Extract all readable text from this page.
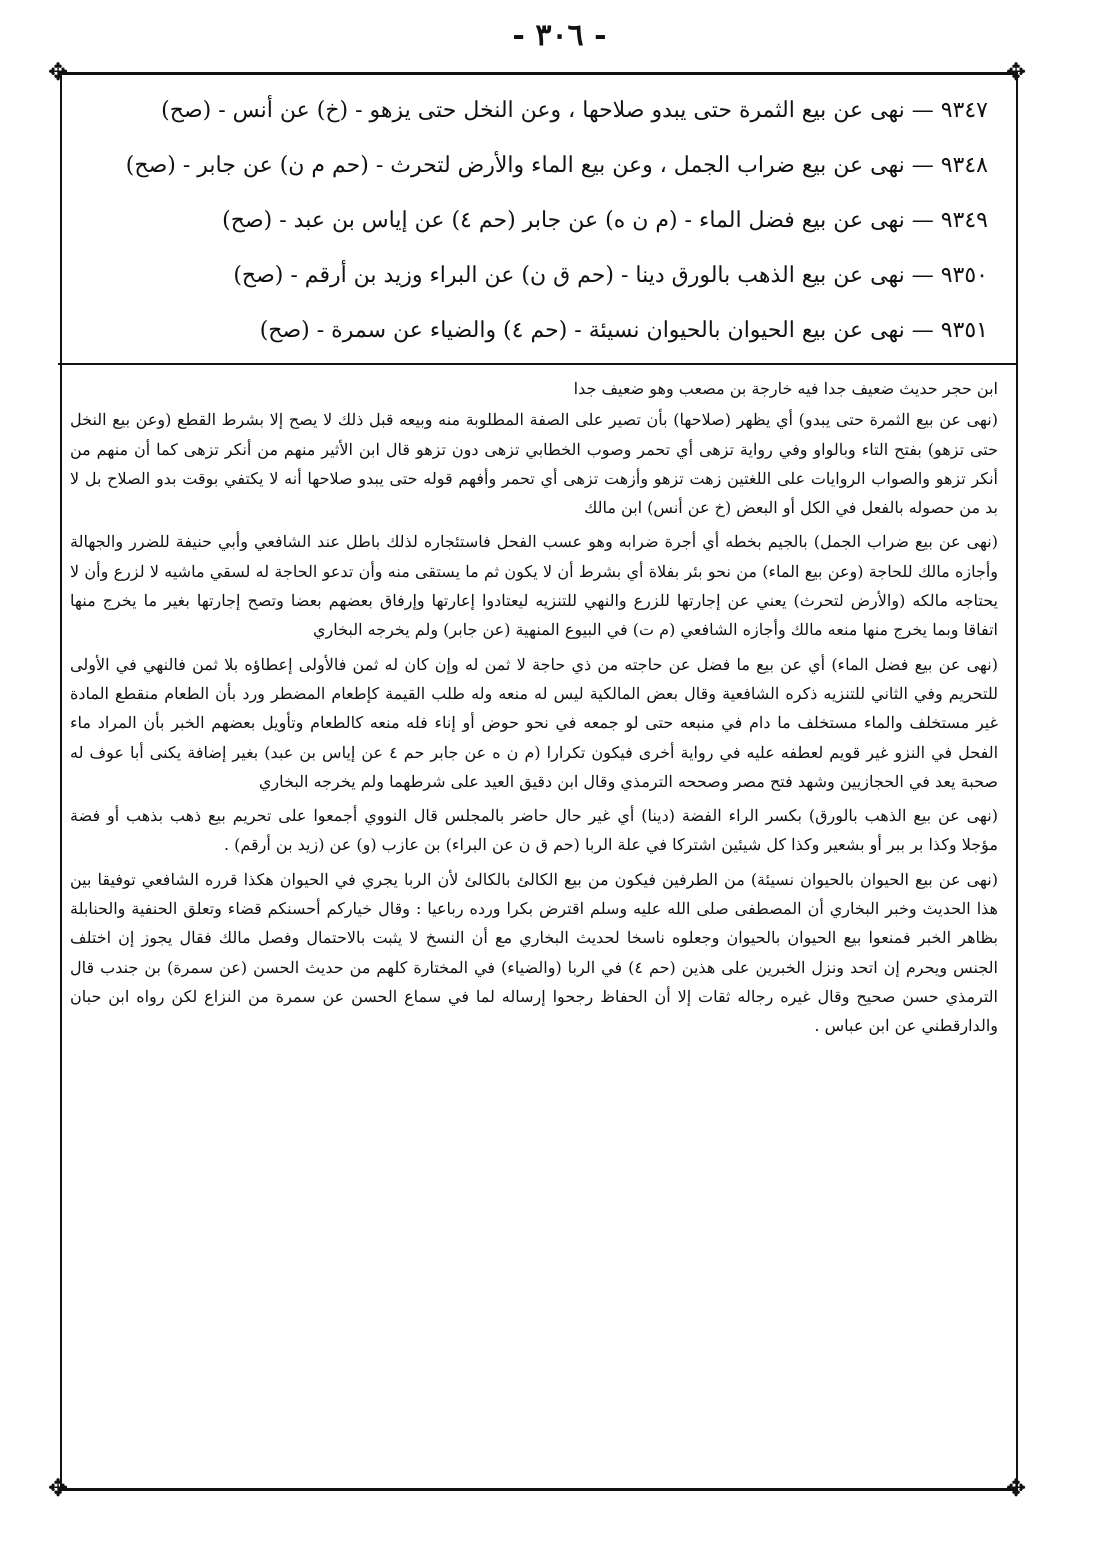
- ٣٠٦ -
✥	✥
✥	✥
٩٣٤٧ — نهى عن بيع الثمرة حتى يبدو صلاحها ، وعن النخل حتى يزهو - (خ) عن أنس - (صح)
٩٣٤٨ — نهى عن بيع ضراب الجمل ، وعن بيع الماء والأرض لتحرث - (حم م ن) عن جابر - (صح)
٩٣٤٩ — نهى عن بيع فضل الماء - (م ن ه) عن جابر (حم ٤) عن إياس بن عبد - (صح)
٩٣٥٠ — نهى عن بيع الذهب بالورق دينا - (حم ق ن) عن البراء وزيد بن أرقم - (صح)
٩٣٥١ — نهى عن بيع الحيوان بالحيوان نسيئة - (حم ٤) والضياء عن سمرة - (صح)

ابن حجر حديث ضعيف جدا فيه خارجة بن مصعب وهو ضعيف جدا

(نهى عن بيع الثمرة حتى يبدو) أي يظهر (صلاحها) بأن تصير على الصفة المطلوبة منه وبيعه قبل ذلك لا يصح إلا بشرط القطع (وعن بيع النخل حتى تزهو) بفتح التاء وبالواو وفي رواية تزهى أي تحمر وصوب الخطابي تزهى دون تزهو قال ابن الأثير منهم من أنكر تزهى كما أن منهم من أنكر تزهو والصواب الروايات على اللغتين زهت تزهو وأزهت تزهى أي تحمر وأفهم قوله حتى يبدو صلاحها أنه لا يكتفي بوقت بدو الصلاح بل لا بد من حصوله بالفعل في الكل أو البعض (خ عن أنس) ابن مالك

(نهى عن بيع ضراب الجمل) بالجيم بخطه أي أجرة ضرابه وهو عسب الفحل فاستئجاره لذلك باطل عند الشافعي وأبي حنيفة للضرر والجهالة وأجازه مالك للحاجة (وعن بيع الماء) من نحو بئر بفلاة أي بشرط أن لا يكون ثم ما يستقى منه وأن تدعو الحاجة له لسقي ماشيه لا لزرع وأن لا يحتاجه مالكه (والأرض لتحرث) يعني عن إجارتها للزرع والنهي للتنزيه ليعتادوا إعارتها وإرفاق بعضهم بعضا وتصح إجارتها بغير ما يخرج منها اتفاقا وبما يخرج منها منعه مالك وأجازه الشافعي (م ت) في البيوع المنهية (عن جابر) ولم يخرجه البخاري

(نهى عن بيع فضل الماء) أي عن بيع ما فضل عن حاجته من ذي حاجة لا ثمن له وإن كان له ثمن فالأولى إعطاؤه بلا ثمن فالنهي في الأولى للتحريم وفي الثاني للتنزيه ذكره الشافعية وقال بعض المالكية ليس له منعه وله طلب القيمة كإطعام المضطر ورد بأن الطعام منقطع المادة غير مستخلف والماء مستخلف ما دام في منبعه حتى لو جمعه في نحو حوض أو إناء فله منعه كالطعام وتأويل بعضهم الخبر بأن المراد ماء الفحل في النزو غير قويم لعطفه عليه في رواية أخرى فيكون تكرارا (م ن ه عن جابر حم ٤ عن إياس بن عبد) بغير إضافة يكنى أبا عوف له صحبة يعد في الحجازيين وشهد فتح مصر وصححه الترمذي وقال ابن دقيق العيد على شرطهما ولم يخرجه البخاري

(نهى عن بيع الذهب بالورق) بكسر الراء الفضة (دينا) أي غير حال حاضر بالمجلس قال النووي أجمعوا على تحريم بيع ذهب بذهب أو فضة مؤجلا وكذا بر ببر أو بشعير وكذا كل شيئين اشتركا في علة الربا (حم ق ن عن البراء) بن عازب (و) عن (زيد بن أرقم) .

(نهى عن بيع الحيوان بالحيوان نسيئة) من الطرفين فيكون من بيع الكالئ بالكالئ لأن الربا يجري في الحيوان هكذا قرره الشافعي توفيقا بين هذا الحديث وخبر البخاري أن المصطفى صلى الله عليه وسلم اقترض بكرا ورده رباعيا : وقال خياركم أحسنكم قضاء وتعلق الحنفية والحنابلة بظاهر الخبر فمنعوا بيع الحيوان بالحيوان وجعلوه ناسخا لحديث البخاري مع أن النسخ لا يثبت بالاحتمال وفصل مالك فقال يجوز إن اختلف الجنس ويحرم إن اتحد ونزل الخبرين على هذين (حم ٤) في الربا (والضياء) في المختارة كلهم من حديث الحسن (عن سمرة) بن جندب قال الترمذي حسن صحيح وقال غيره رجاله ثقات إلا أن الحفاظ رجحوا إرساله لما في سماع الحسن عن سمرة من النزاع لكن رواه ابن حبان والدارقطني عن ابن عباس .
